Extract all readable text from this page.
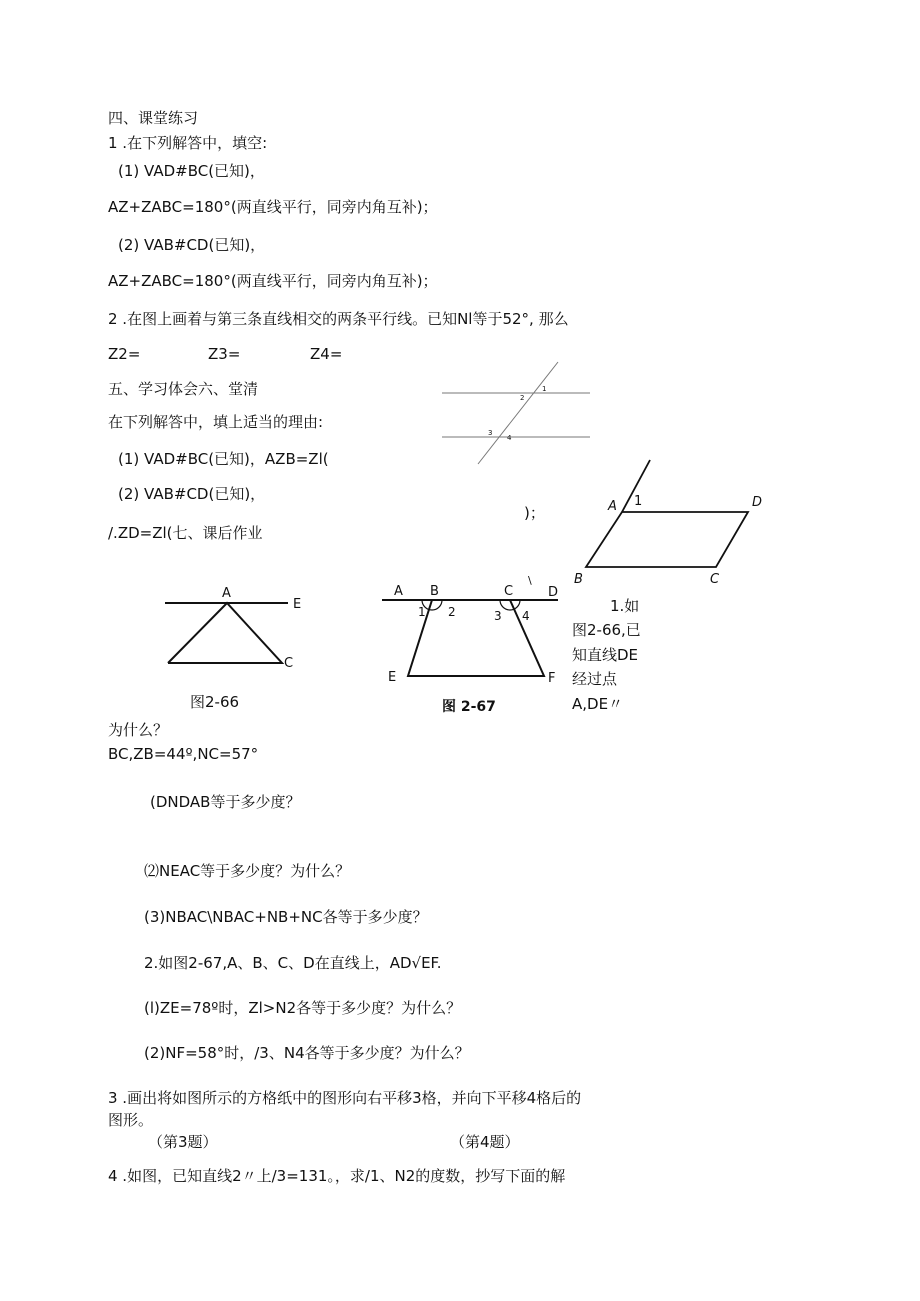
四、课堂练习
1 .在下列解答中，填空:
(1) VAD#BC(已知)，
AZ+ZABC=180°(两直线平行，同旁内角互补)；
(2) VAB#CD(已知)，
AZ+ZABC=180°(两直线平行，同旁内角互补)；
2 .在图上画着与第三条直线相交的两条平行线。已知Nl等于52°, 那么
Z2=	Z3=	Z4=
五、学习体会六、堂清
在下列解答中，填上适当的理由:
(1) VAD#BC(已知)，AZB=Zl(
(2) VAB#CD(已知)，
)；
/.ZD=Zl(七、课后作业
1
2
3
4
A 1	D
B	C
\
A
E
C
A B	C	D
1 2	3 4
E	F
图 2-67
1.如
图2-66,已
知直线DE
经过点
A,DE〃
图2-66
为什么？
BC,ZB=44º,NC=57°
(DNDAB等于多少度？
⑵NEAC等于多少度？为什么？
(3)NBAC\NBAC+NB+NC各等于多少度？
2.如图2-67,A、B、C、D在直线上，AD√EF.
(l)ZE=78º时，Zl>N2各等于多少度？为什么？
(2)NF=58°时，/3、N4各等于多少度？为什么？
3 .画出将如图所示的方格纸中的图形向右平移3格，并向下平移4格后的
图形。
（第3题）	（第4题）
4 .如图，已知直线2〃上/3=131。，求/1、N2的度数，抄写下面的解
